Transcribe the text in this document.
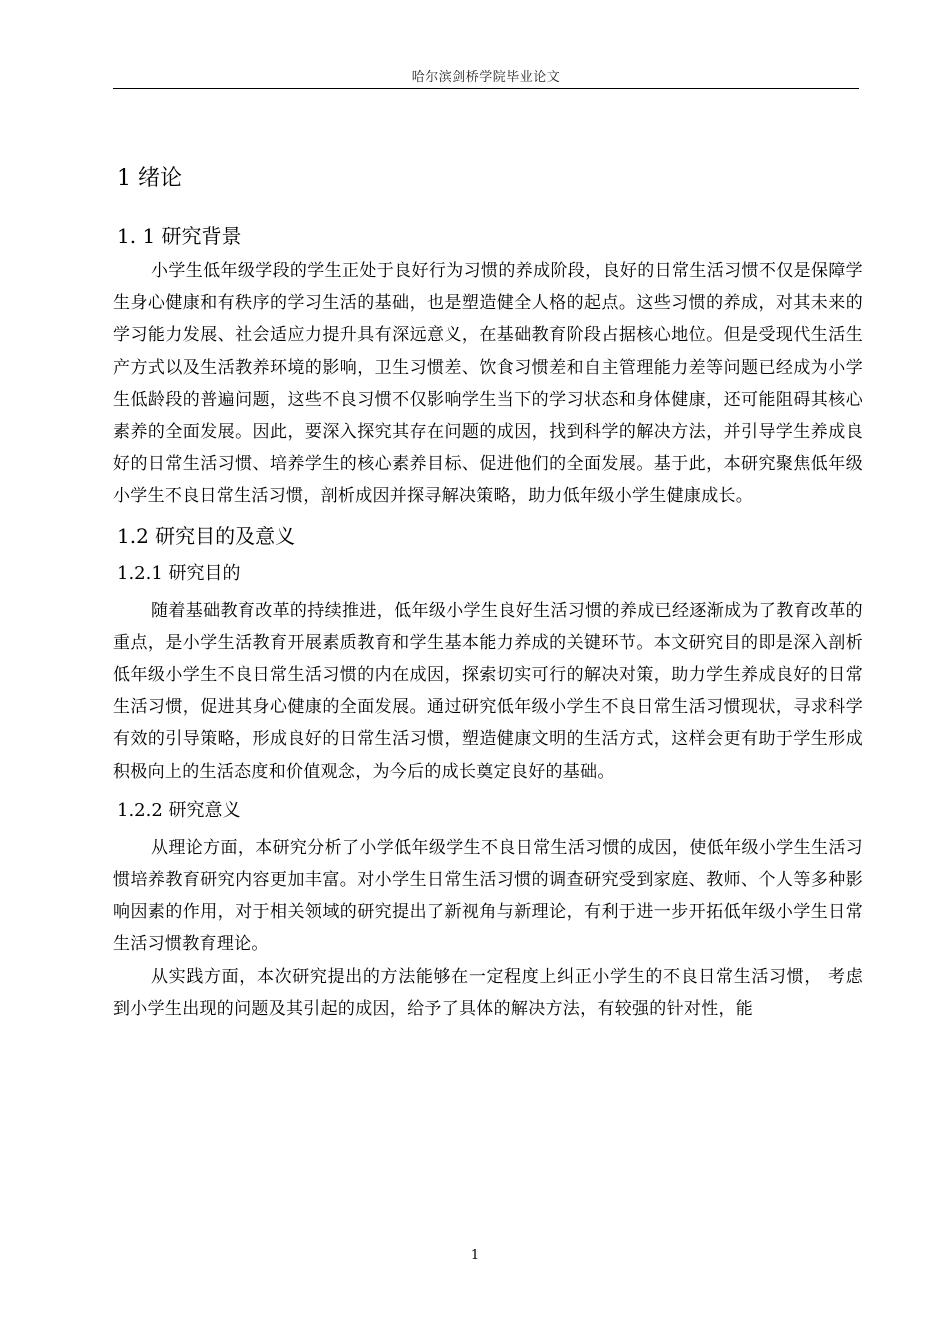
哈尔滨剑桥学院毕业论文
1 绪论
1. 1 研究背景

小学生低年级学段的学生正处于良好行为习惯的养成阶段，良好的日常生活习惯不仅是保障学生身心健康和有秩序的学习生活的基础，也是塑造健全人格的起点。这些习惯的养成，对其未来的学习能力发展、社会适应力提升具有深远意义，在基础教育阶段占据核心地位。但是受现代生活生产方式以及生活教养环境的影响，卫生习惯差、饮食习惯差和自主管理能力差等问题已经成为小学生低龄段的普遍问题，这些不良习惯不仅影响学生当下的学习状态和身体健康，还可能阻碍其核心素养的全面发展。因此，要深入探究其存在问题的成因，找到科学的解决方法，并引导学生养成良好的日常生活习惯、培养学生的核心素养目标、促进他们的全面发展。基于此，本研究聚焦低年级小学生不良日常生活习惯，剖析成因并探寻解决策略，助力低年级小学生健康成长。

1.2 研究目的及意义
1.2.1 研究目的

随着基础教育改革的持续推进，低年级小学生良好生活习惯的养成已经逐渐成为了教育改革的重点，是小学生活教育开展素质教育和学生基本能力养成的关键环节。本文研究目的即是深入剖析低年级小学生不良日常生活习惯的内在成因，探索切实可行的解决对策，助力学生养成良好的日常生活习惯，促进其身心健康的全面发展。通过研究低年级小学生不良日常生活习惯现状，寻求科学有效的引导策略，形成良好的日常生活习惯，塑造健康文明的生活方式，这样会更有助于学生形成积极向上的生活态度和价值观念，为今后的成长奠定良好的基础。

1.2.2 研究意义

从理论方面，本研究分析了小学低年级学生不良日常生活习惯的成因，使低年级小学生生活习惯培养教育研究内容更加丰富。对小学生日常生活习惯的调查研究受到家庭、教师、个人等多种影响因素的作用，对于相关领域的研究提出了新视角与新理论，有利于进一步开拓低年级小学生日常生活习惯教育理论。

从实践方面，本次研究提出的方法能够在一定程度上纠正小学生的不良日常生活习惯， 考虑到小学生出现的问题及其引起的成因，给予了具体的解决方法，有较强的针对性，能

1
